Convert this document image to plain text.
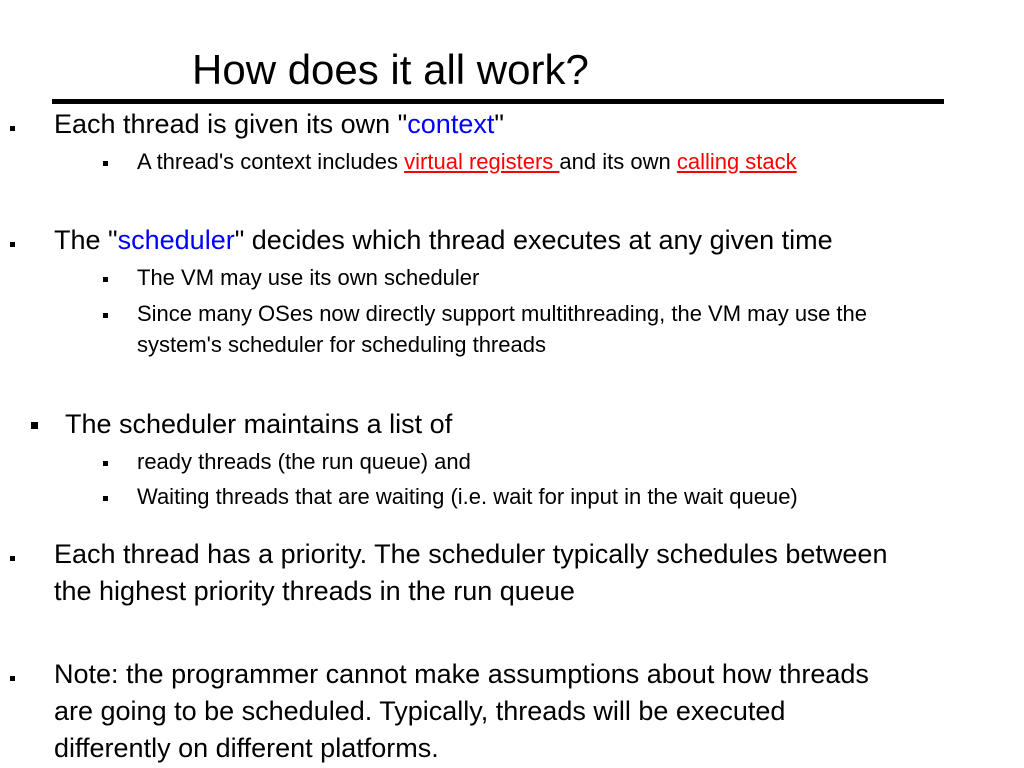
How does it all work?
Each thread is given its own "context"
A thread's context includes virtual registers and its own calling stack
The "scheduler" decides which thread executes at any given time
The VM may use its own scheduler
Since many OSes now directly support multithreading, the VM may use the
system's scheduler for scheduling threads
The scheduler maintains a list of
ready threads (the run queue) and
Waiting threads that are waiting (i.e. wait for input in the wait queue)
Each thread has a priority. The scheduler typically schedules between
the highest priority threads in the run queue
Note: the programmer cannot make assumptions about how threads
are going to be scheduled. Typically, threads will be executed
differently on different platforms.
